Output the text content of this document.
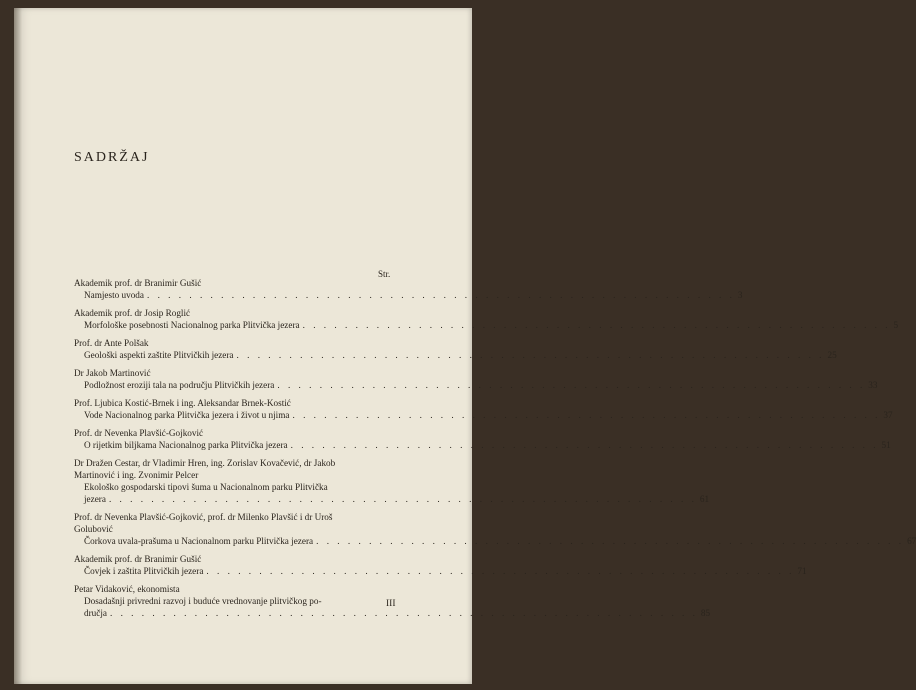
SADRŽAJ
Str.
Akademik prof. dr Branimir Gušić
Namjesto uvoda . . . . . . . . . . . . . . . . . . . . . . . . . . . . . . . . . . . . . . . . . . . . . . . . . . . . . . . . 3
Akademik prof. dr Josip Roglić
Morfološke posebnosti Nacionalnog parka Plitvička jezera . . . . . . . . . . . . . . . . . . . . . . . . . . . . . . . . . . . . . . . . . . . . . . . . . . . . . . . . 5
Prof. dr Ante Polšak
Geološki aspekti zaštite Plitvičkih jezera . . . . . . . . . . . . . . . . . . . . . . . . . . . . . . . . . . . . . . . . . . . . . . . . . . . . . . . . 25
Dr Jakob Martinović
Podložnost eroziji tala na području Plitvičkih jezera . . . . . . . . . . . . . . . . . . . . . . . . . . . . . . . . . . . . . . . . . . . . . . . . . . . . . . . . 33
Prof. Ljubica Kostić-Brnek i ing. Aleksandar Brnek-Kostić
Vode Nacionalnog parka Plitvička jezera i život u njima . . . . . . . . . . . . . . . . . . . . . . . . . . . . . . . . . . . . . . . . . . . . . . . . . . . . . . . . 37
Prof. dr Nevenka Plavšić-Gojković
O rijetkim biljkama Nacionalnog parka Plitvička jezera . . . . . . . . . . . . . . . . . . . . . . . . . . . . . . . . . . . . . . . . . . . . . . . . . . . . . . . . 51
Dr Dražen Cestar, dr Vladimir Hren, ing. Zorislav Kovačević, dr Jakob
Martinović i ing. Zvonimir Pelcer
Ekološko gospodarski tipovi šuma u Nacionalnom parku Plitvička
jezera . . . . . . . . . . . . . . . . . . . . . . . . . . . . . . . . . . . . . . . . . . . . . . . . . . . . . . . . 61
Prof. dr Nevenka Plavšić-Gojković, prof. dr Milenko Plavšić i dr Uroš
Golubović
Čorkova uvala-prašuma u Nacionalnom parku Plitvička jezera . . . . . . . . . . . . . . . . . . . . . . . . . . . . . . . . . . . . . . . . . . . . . . . . . . . . . . . . 67
Akademik prof. dr Branimir Gušić
Čovjek i zaštita Plitvičkih jezera . . . . . . . . . . . . . . . . . . . . . . . . . . . . . . . . . . . . . . . . . . . . . . . . . . . . . . . . 71
Petar Vidaković, ekonomista
Dosadašnji privredni razvoj i buduće vrednovanje plitvičkog po-
dručja . . . . . . . . . . . . . . . . . . . . . . . . . . . . . . . . . . . . . . . . . . . . . . . . . . . . . . . . 85
III
